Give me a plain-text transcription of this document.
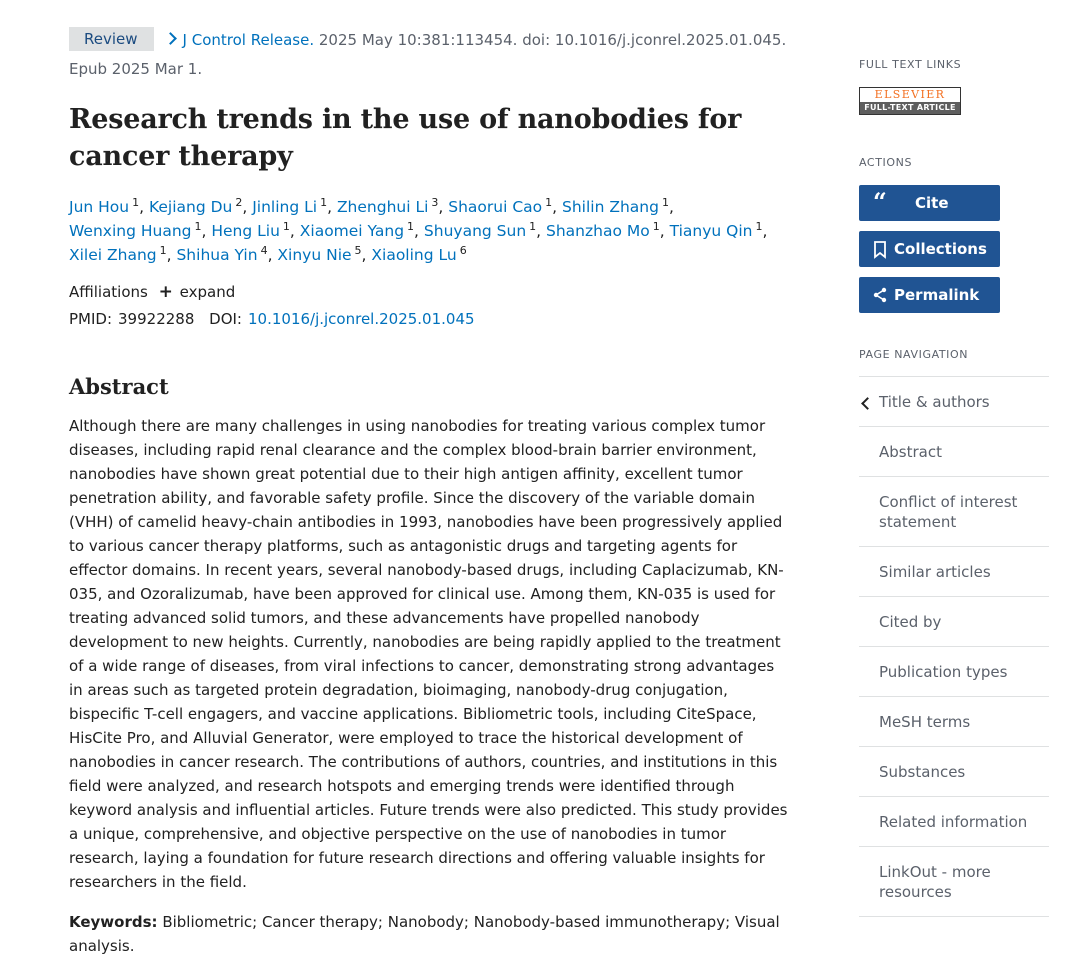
Review	J Control Release. 2025 May 10:381:113454. doi: 10.1016/j.jconrel.2025.01.045.
Epub 2025 Mar 1.
Research trends in the use of nanobodies for cancer therapy
Jun Hou $^1$, Kejiang Du $^2$, Jinling Li $^1$, Zhenghui Li $^3$, Shaorui Cao $^1$, Shilin Zhang $^1$, Wenxing Huang $^1$, Heng Liu $^1$, Xiaomei Yang $^1$, Shuyang Sun $^1$, Shanzhao Mo $^1$, Tianyu Qin $^1$, Xilei Zhang $^1$, Shihua Yin $^4$, Xinyu Nie $^5$, Xiaoling Lu $^6$
Affiliations + expand
PMID: 39922288 DOI: 10.1016/j.jconrel.2025.01.045
Abstract
Although there are many challenges in using nanobodies for treating various complex tumor diseases, including rapid renal clearance and the complex blood-brain barrier environment, nanobodies have shown great potential due to their high antigen affinity, excellent tumor penetration ability, and favorable safety profile. Since the discovery of the variable domain (VHH) of camelid heavy-chain antibodies in 1993, nanobodies have been progressively applied to various cancer therapy platforms, such as antagonistic drugs and targeting agents for effector domains. In recent years, several nanobody-based drugs, including Caplacizumab, KN-035, and Ozoralizumab, have been approved for clinical use. Among them, KN-035 is used for treating advanced solid tumors, and these advancements have propelled nanobody development to new heights. Currently, nanobodies are being rapidly applied to the treatment of a wide range of diseases, from viral infections to cancer, demonstrating strong advantages in areas such as targeted protein degradation, bioimaging, nanobody-drug conjugation, bispecific T-cell engagers, and vaccine applications. Bibliometric tools, including CiteSpace, HisCite Pro, and Alluvial Generator, were employed to trace the historical development of nanobodies in cancer research. The contributions of authors, countries, and institutions in this field were analyzed, and research hotspots and emerging trends were identified through keyword analysis and influential articles. Future trends were also predicted. This study provides a unique, comprehensive, and objective perspective on the use of nanobodies in tumor research, laying a foundation for future research directions and offering valuable insights for researchers in the field.
Keywords: Bibliometric; Cancer therapy; Nanobody; Nanobody-based immunotherapy; Visual analysis.
FULL TEXT LINKS
ELSEVIER
FULL-TEXT ARTICLE
ACTIONS
“ Cite
Collections
Permalink
PAGE NAVIGATION
Title & authors
Abstract
Conflict of interest statement
Similar articles
Cited by
Publication types
MeSH terms
Substances
Related information
LinkOut - more resources
